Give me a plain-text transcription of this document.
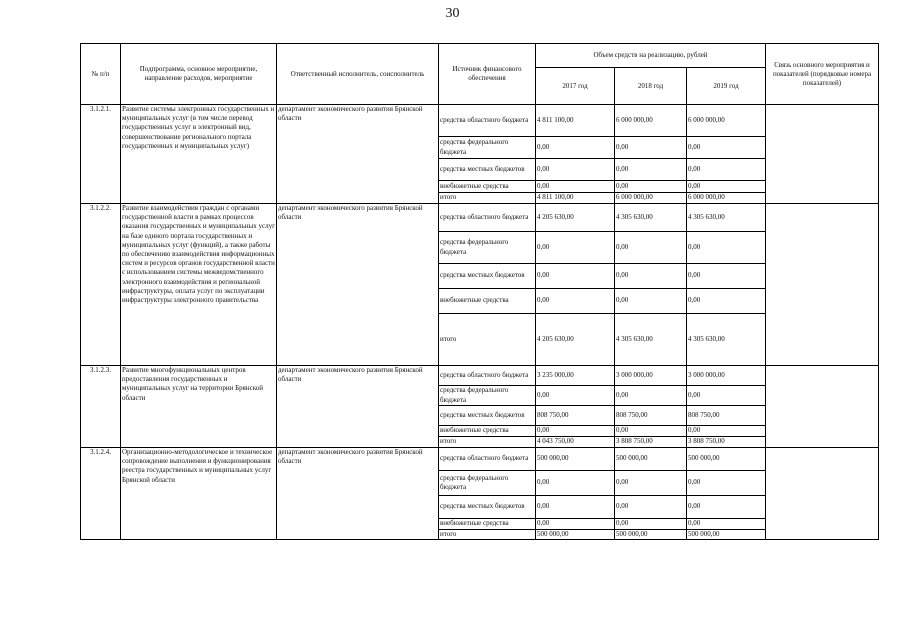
30
№ п/п	Подпрограмма, основное мероприятие, направление расходов, мероприятие	Ответственный исполнитель, соисполнитель	Источник финансового обеспечения	Объем средств на реализацию, рублей			Связь основного мероприятия и показателей (порядковые номера показателей)
				2017 год	2018 год	2019 год	
3.1.2.1.	Развитие системы электронных государственных и муниципальных услуг (в том числе перевод государственных услуг в электронный вид, совершенствование регионального портала государственных и муниципальных услуг)	департамент экономического развития Брянской области	средства областного бюджета	4 811 100,00	6 000 000,00	6 000 000,00	
			средства федерального бюджета	0,00	0,00	0,00	
			средства местных бюджетов	0,00	0,00	0,00	
			внебюжетные средства	0,00	0,00	0,00	
			итого	4 811 100,00	6 000 000,00	6 000 000,00	
3.1.2.2.	Развитие взаимодействия граждан с органами государственной власти в рамках процессов оказания государственных и муниципальных услуг на базе единого портала государственных и муниципальных услуг (функций), а также работы по обеспечению взаимодействия информационных систем и ресурсов органов государственной власти с использованием системы межведомственного электронного взаимодействия и региональной инфраструктуры, оплата услуг по эксплуатации инфраструктуры электронного правительства	департамент экономического развития Брянской области	средства областного бюджета	4 205 630,00	4 305 630,00	4 305 630,00	
			средства федерального бюджета	0,00	0,00	0,00	
			средства местных бюджетов	0,00	0,00	0,00	
			внебюжетные средства	0,00	0,00	0,00	
			итого	4 205 630,00	4 305 630,00	4 305 630,00	
3.1.2.3.	Развитие многофункциональных центров предоставления государственных и муниципальных услуг на территории Брянской области	департамент экономического развития Брянской области	средства областного бюджета	3 235 000,00	3 000 000,00	3 000 000,00	
			средства федерального бюджета	0,00	0,00	0,00	
			средства местных бюджетов	808 750,00	808 750,00	808 750,00	
			внебюжетные средства	0,00	0,00	0,00	
			итого	4 043 750,00	3 808 750,00	3 808 750,00	
3.1.2.4.	Организационно-методологическое и техническое сопровождение выполнения и функционирования реестра государственных и муниципальных услуг Брянской области	департамент экономического развития Брянской области	средства областного бюджета	500 000,00	500 000,00	500 000,00	
			средства федерального бюджета	0,00	0,00	0,00	
			средства местных бюджетов	0,00	0,00	0,00	
			внебюжетные средства	0,00	0,00	0,00	
			итого	500 000,00	500 000,00	500 000,00	
